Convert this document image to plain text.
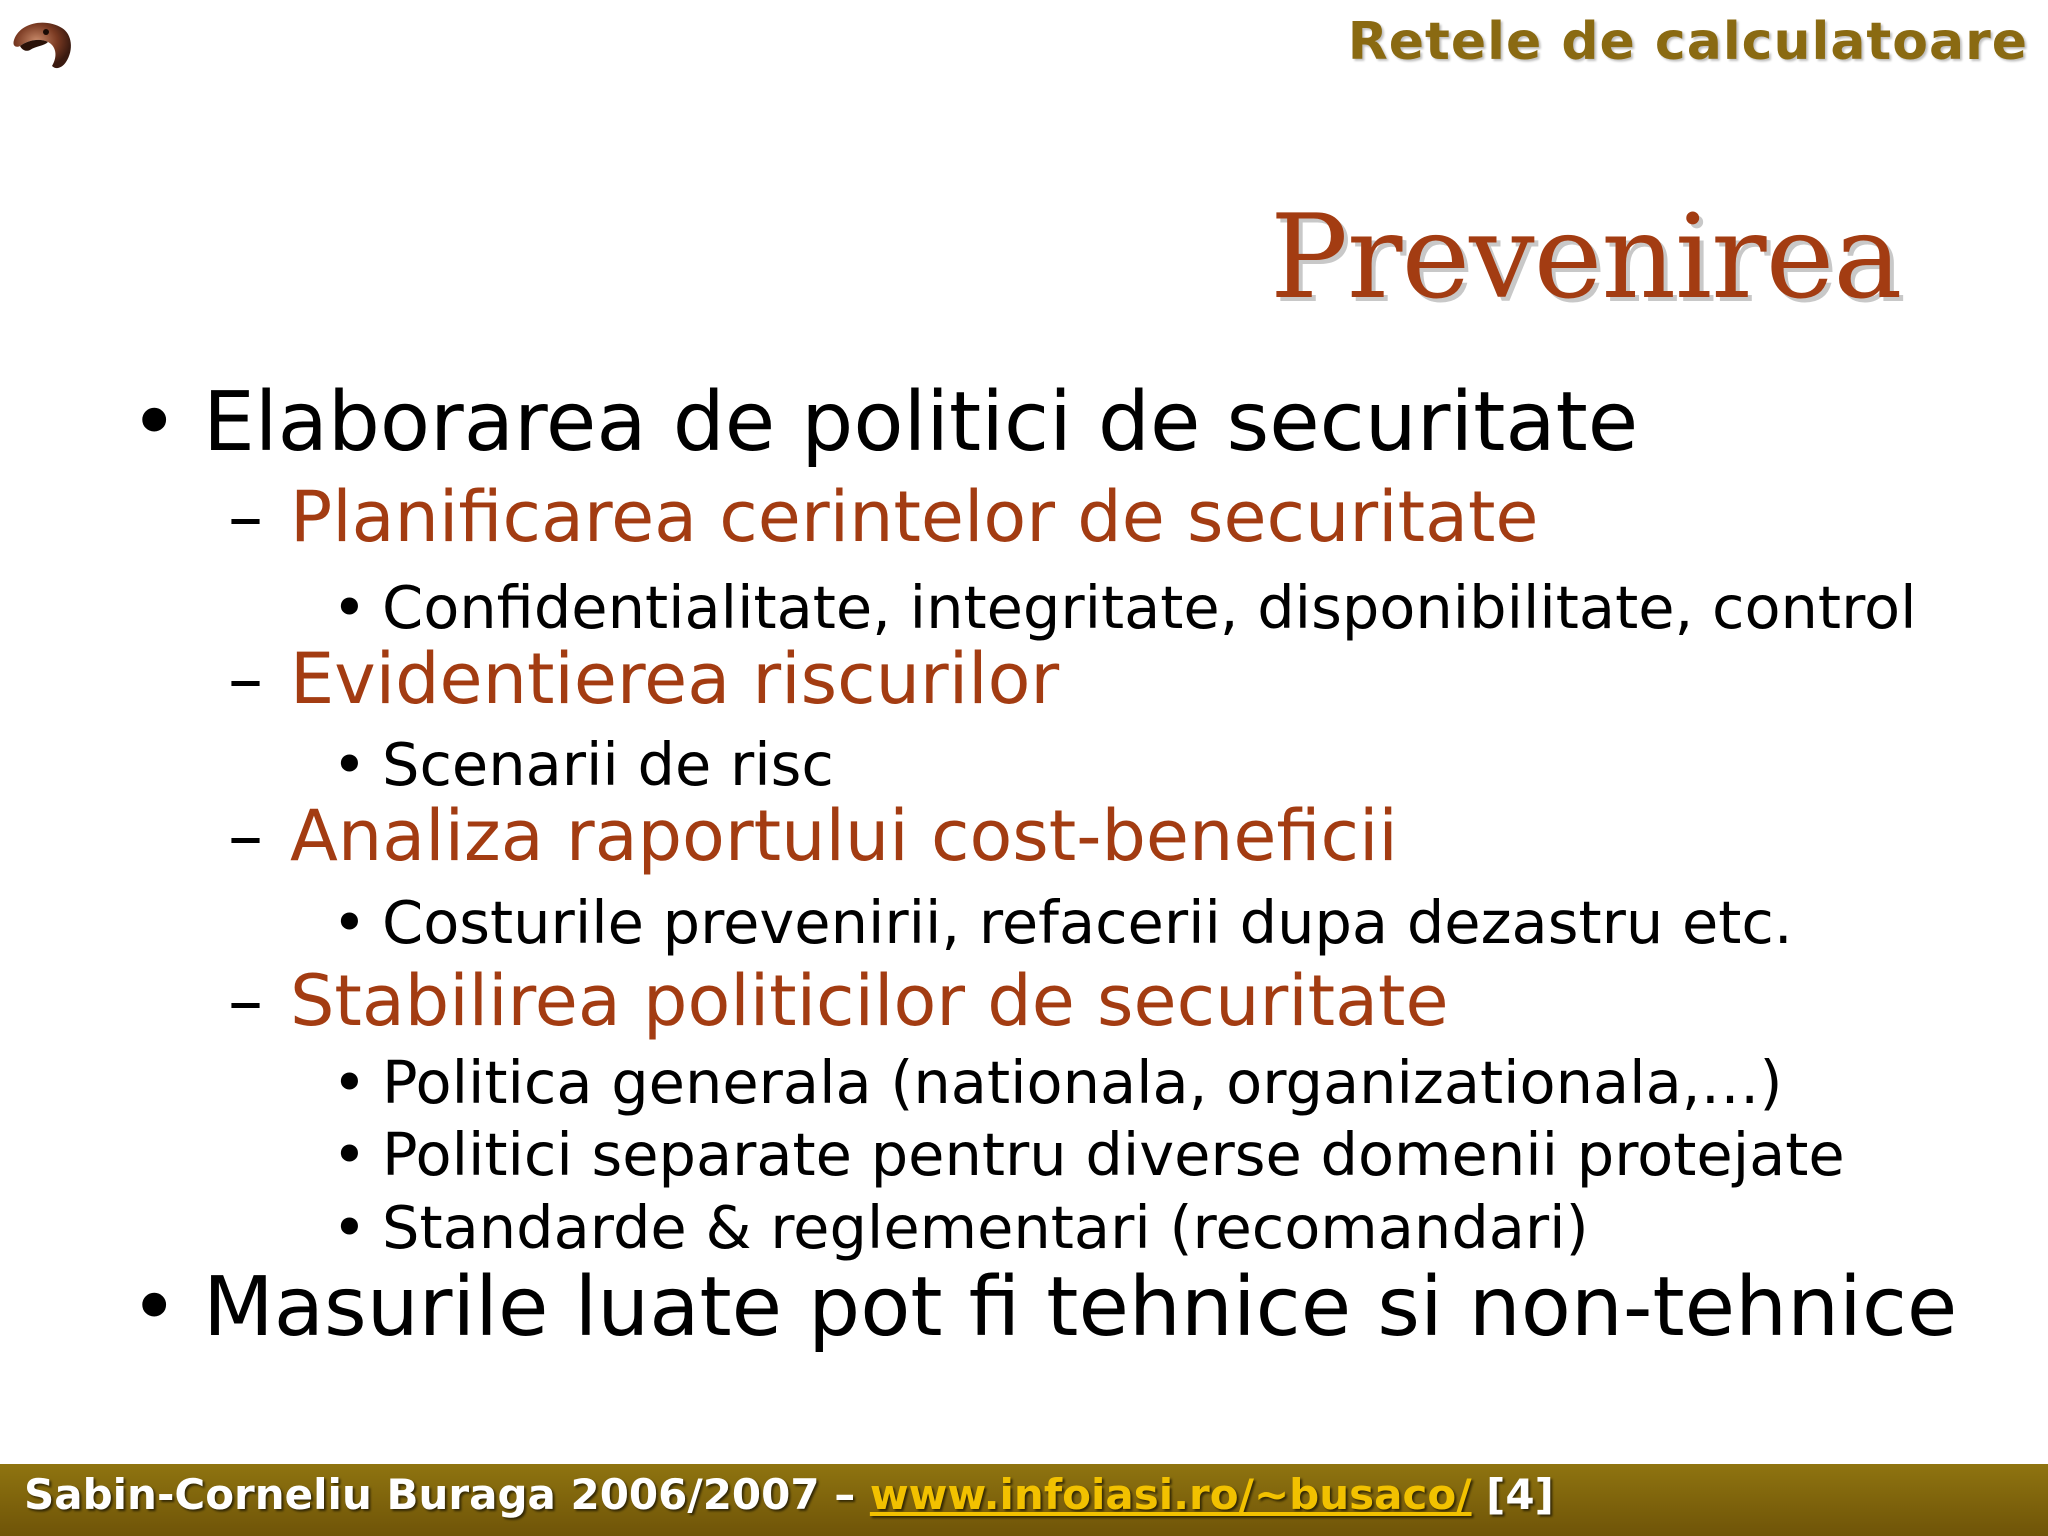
Retele de calculatoare
Prevenirea
• Elaborarea de politici de securitate
– Planificarea cerintelor de securitate
• Confidentialitate, integritate, disponibilitate, control
– Evidentierea riscurilor
• Scenarii de risc
– Analiza raportului cost-beneficii
• Costurile prevenirii, refacerii dupa dezastru etc.
– Stabilirea politicilor de securitate
• Politica generala (nationala, organizationala,…)
• Politici separate pentru diverse domenii protejate
• Standarde & reglementari (recomandari)
• Masurile luate pot fi tehnice si non-tehnice
Sabin-Corneliu Buraga 2006/2007 – www.infoiasi.ro/~busaco/ [4]
